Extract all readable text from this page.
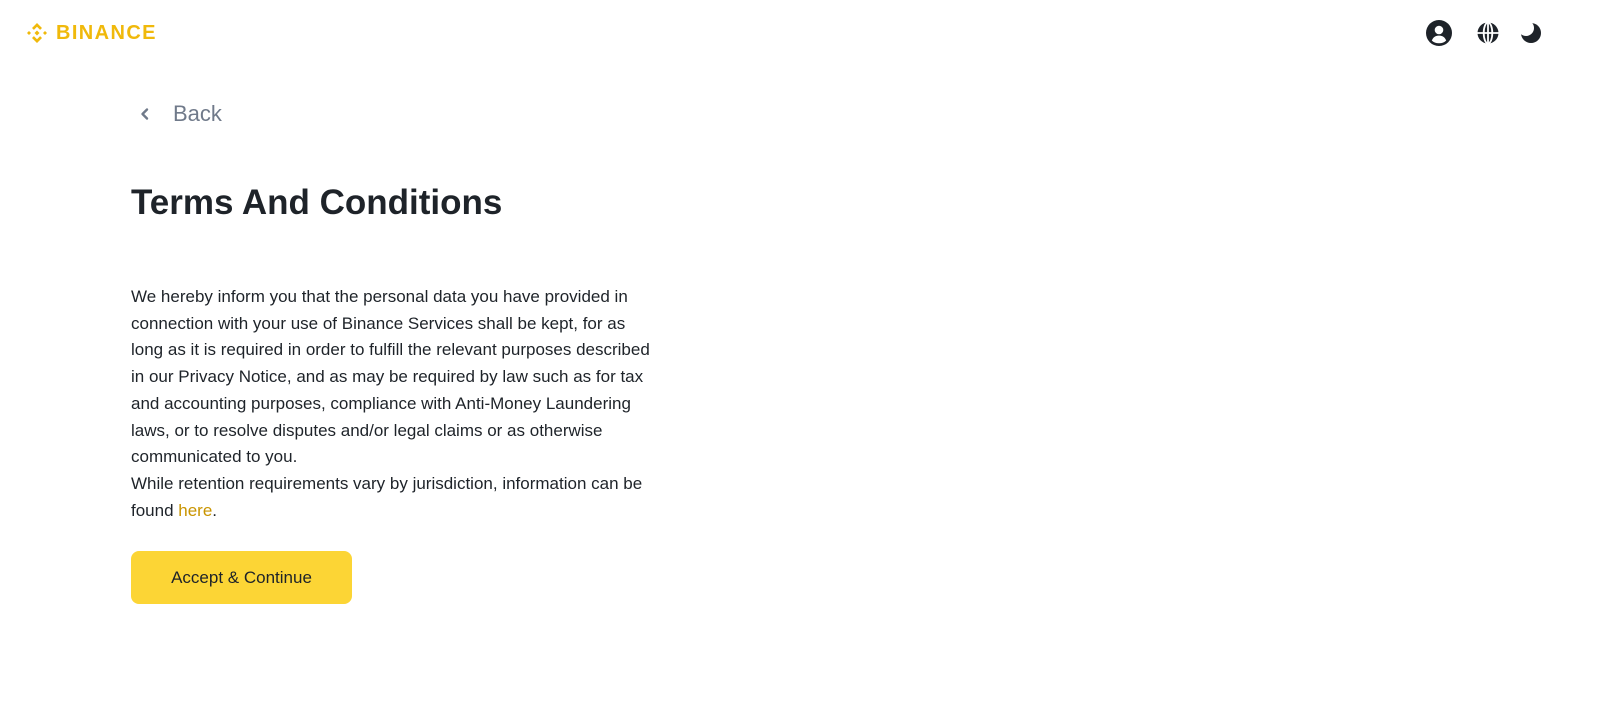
BINANCE
Back
Terms And Conditions

We hereby inform you that the personal data you have provided in connection with your use of Binance Services shall be kept, for as long as it is required in order to fulfill the relevant purposes described in our Privacy Notice, and as may be required by law such as for tax and accounting purposes, compliance with Anti-Money Laundering laws, or to resolve disputes and/or legal claims or as otherwise communicated to you.
While retention requirements vary by jurisdiction, information can be found here.

Accept & Continue
